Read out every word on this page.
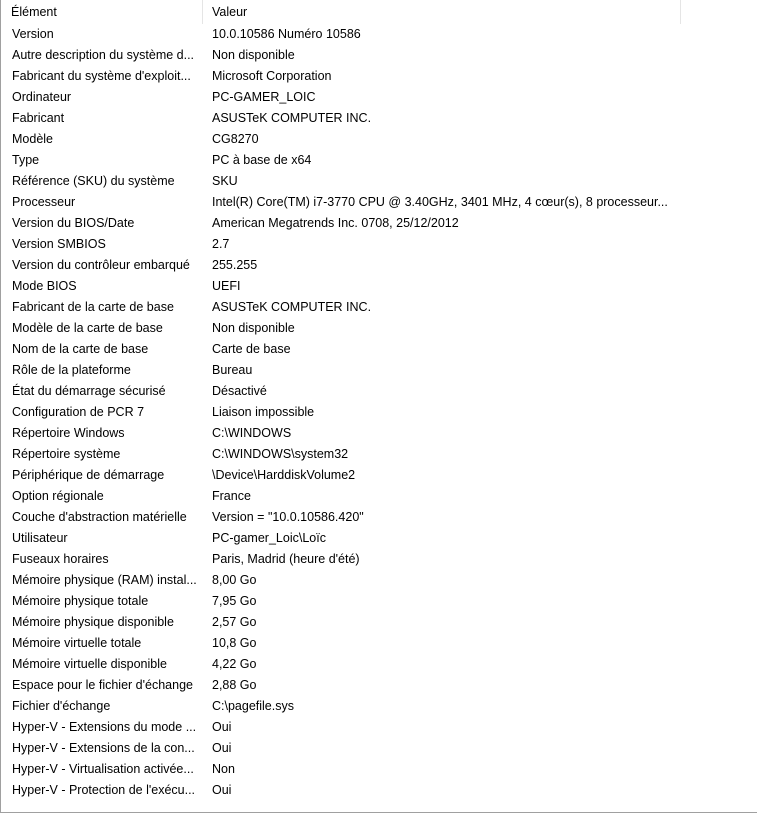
Élément	Valeur
Version	10.0.10586 Numéro 10586
Autre description du système d...	Non disponible
Fabricant du système d'exploit...	Microsoft Corporation
Ordinateur	PC-GAMER_LOIC
Fabricant	ASUSTeK COMPUTER INC.
Modèle	CG8270
Type	PC à base de x64
Référence (SKU) du système	SKU
Processeur	Intel(R) Core(TM) i7-3770 CPU @ 3.40GHz, 3401 MHz, 4 cœur(s), 8 processeur...
Version du BIOS/Date	American Megatrends Inc. 0708, 25/12/2012
Version SMBIOS	2.7
Version du contrôleur embarqué	255.255
Mode BIOS	UEFI
Fabricant de la carte de base	ASUSTeK COMPUTER INC.
Modèle de la carte de base	Non disponible
Nom de la carte de base	Carte de base
Rôle de la plateforme	Bureau
État du démarrage sécurisé	Désactivé
Configuration de PCR 7	Liaison impossible
Répertoire Windows	C:\WINDOWS
Répertoire système	C:\WINDOWS\system32
Périphérique de démarrage	\Device\HarddiskVolume2
Option régionale	France
Couche d'abstraction matérielle	Version = "10.0.10586.420"
Utilisateur	PC-gamer_Loic\Loïc
Fuseaux horaires	Paris, Madrid (heure d'été)
Mémoire physique (RAM) instal...	8,00 Go
Mémoire physique totale	7,95 Go
Mémoire physique disponible	2,57 Go
Mémoire virtuelle totale	10,8 Go
Mémoire virtuelle disponible	4,22 Go
Espace pour le fichier d'échange	2,88 Go
Fichier d'échange	C:\pagefile.sys
Hyper-V - Extensions du mode ...	Oui
Hyper-V - Extensions de la con...	Oui
Hyper-V - Virtualisation activée...	Non
Hyper-V - Protection de l'exécu...	Oui
